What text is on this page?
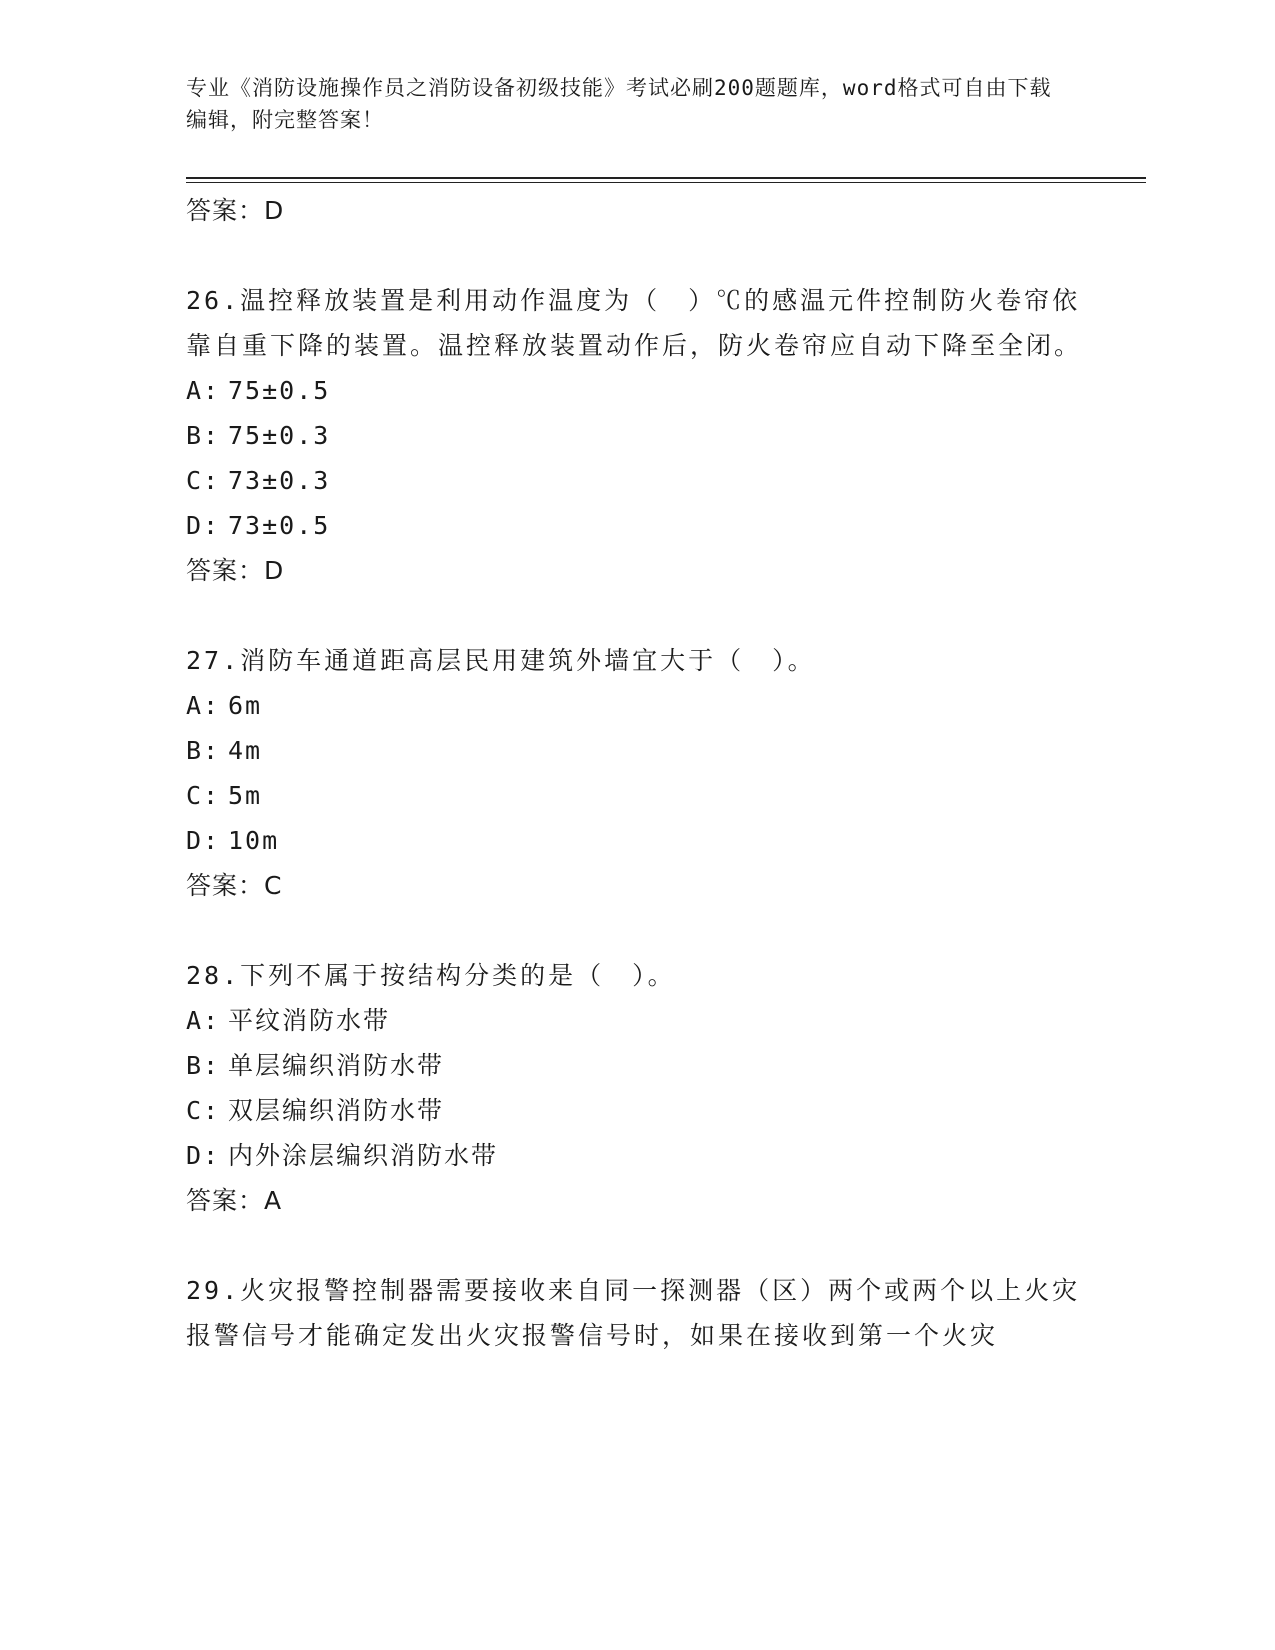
专业《消防设施操作员之消防设备初级技能》考试必刷200题题库，word格式可自由下载编辑，附完整答案！
答案：D
26.温控释放装置是利用动作温度为（　）℃的感温元件控制防火卷帘依靠自重下降的装置。温控释放装置动作后，防火卷帘应自动下降至全闭。
A: 75±0.5
B: 75±0.3
C: 73±0.3
D: 73±0.5
答案：D
27.消防车通道距高层民用建筑外墙宜大于（　）。
A: 6m
B: 4m
C: 5m
D: 10m
答案：C
28.下列不属于按结构分类的是（　）。
A: 平纹消防水带
B: 单层编织消防水带
C: 双层编织消防水带
D: 内外涂层编织消防水带
答案：A
29.火灾报警控制器需要接收来自同一探测器（区）两个或两个以上火灾报警信号才能确定发出火灾报警信号时，如果在接收到第一个火灾
